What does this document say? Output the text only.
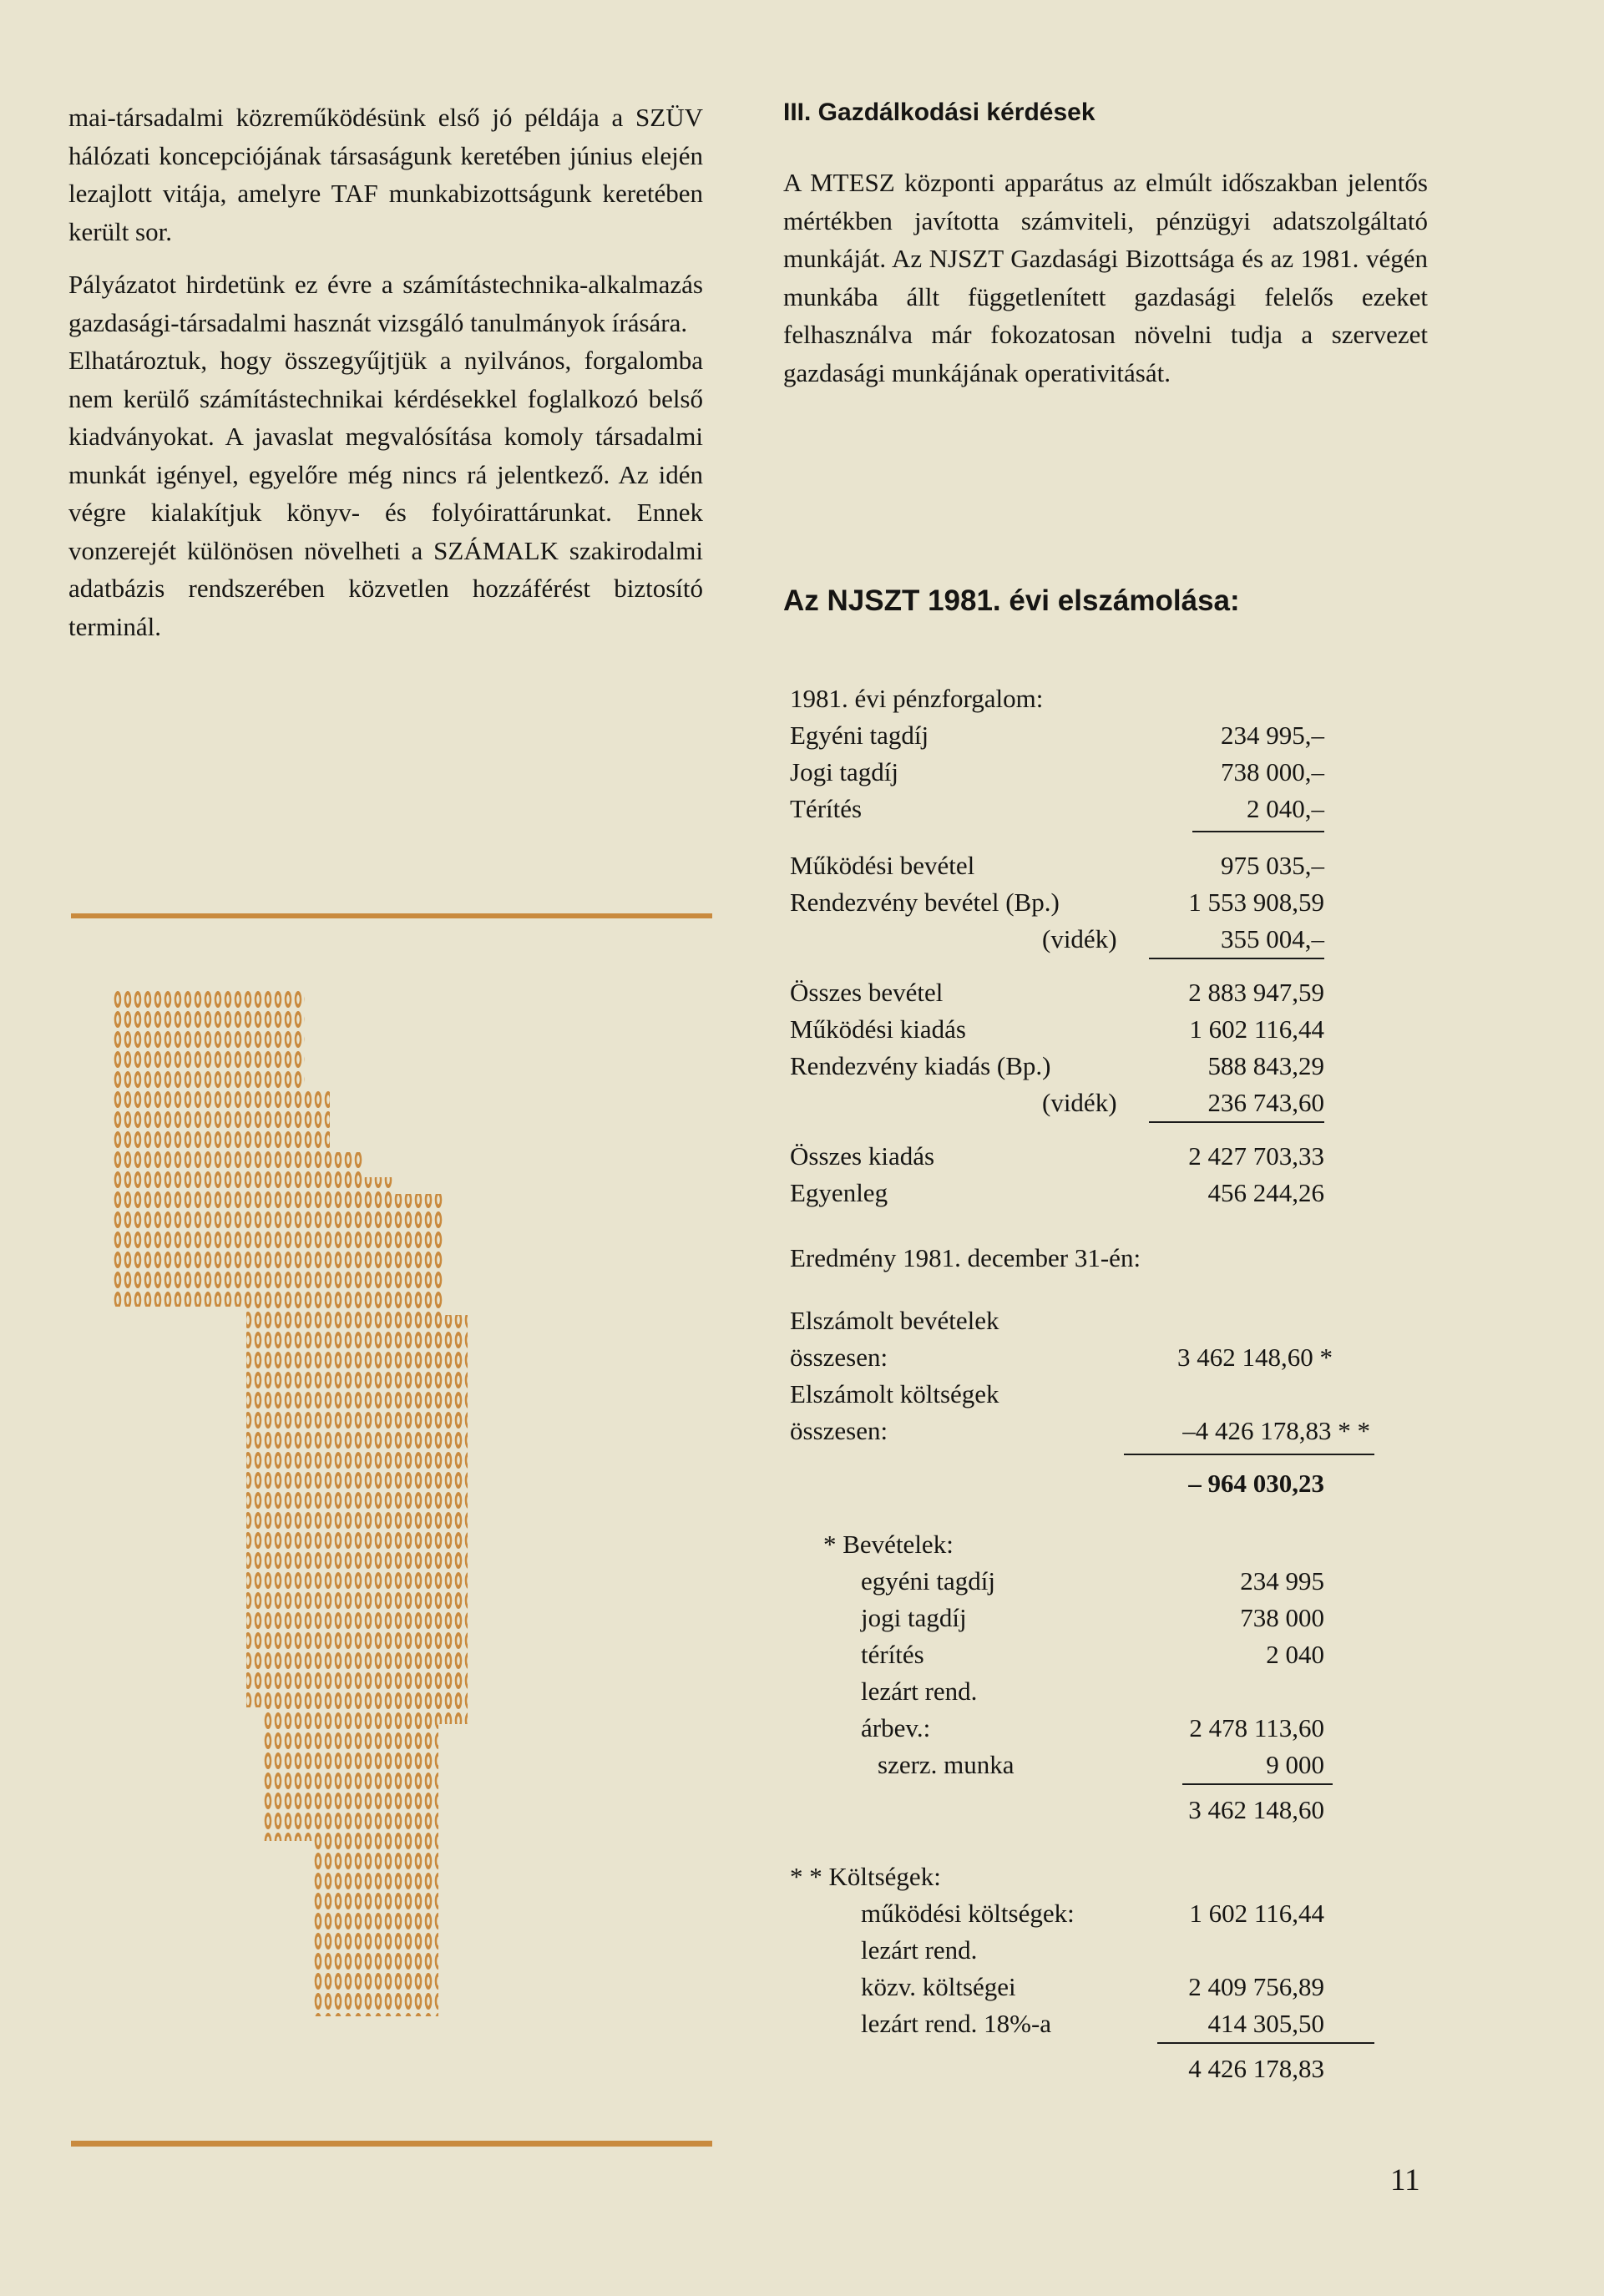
mai-társadalmi közreműködésünk első jó példája a SZÜV hálózati koncepciójának társaságunk keretében június elején lezajlott vitája, amelyre TAF munkabizottságunk keretében került sor.

Pályázatot hirdetünk ez évre a számítástechnika-alkalmazás gazdasági-társadalmi hasznát vizsgáló tanulmányok írására.

Elhatároztuk, hogy összegyűjtjük a nyilvános, forgalomba nem kerülő számítástechnikai kérdésekkel foglalkozó belső kiadványokat. A javaslat megvalósítása komoly társadalmi munkát igényel, egyelőre még nincs rá jelentkező. Az idén végre kialakítjuk könyv- és folyóirattárunkat. Ennek vonzerejét különösen növelheti a SZÁMALK szakirodalmi adatbázis rendszerében közvetlen hozzáférést biztosító terminál.

III. Gazdálkodási kérdések

A MTESZ központi apparátus az elmúlt időszakban jelentős mértékben javította számviteli, pénzügyi adatszolgáltató munkáját. Az NJSZT Gazdasági Bizottsága és az 1981. végén munkába állt függetlenített gazdasági felelős ezeket felhasználva már fokozatosan növelni tudja a szervezet gazdasági munkájának operativitását.

Az NJSZT 1981. évi elszámolása:
1981. évi pénzforgalom:
Egyéni tagdíj	234 995,–
Jogi tagdíj	738 000,–
Térítés	2 040,–
Működési bevétel	975 035,–
Rendezvény bevétel (Bp.)	1 553 908,59
(vidék)	355 004,–
Összes bevétel	2 883 947,59
Működési kiadás	1 602 116,44
Rendezvény kiadás (Bp.)	588 843,29
(vidék)	236 743,60
Összes kiadás	2 427 703,33
Egyenleg	456 244,26
Eredmény 1981. december 31-én:
Elszámolt bevételek
összesen:	3 462 148,60 *
Elszámolt költségek
összesen:	–4 426 178,83 * *
– 964 030,23
* Bevételek:
egyéni tagdíj	234 995
jogi tagdíj	738 000
térítés	2 040
lezárt rend.
árbev.:	2 478 113,60
szerz. munka	9 000
3 462 148,60
* * Költségek:
működési költségek:	1 602 116,44
lezárt rend.
közv. költségei	2 409 756,89
lezárt rend. 18%-a	414 305,50
4 426 178,83
11
